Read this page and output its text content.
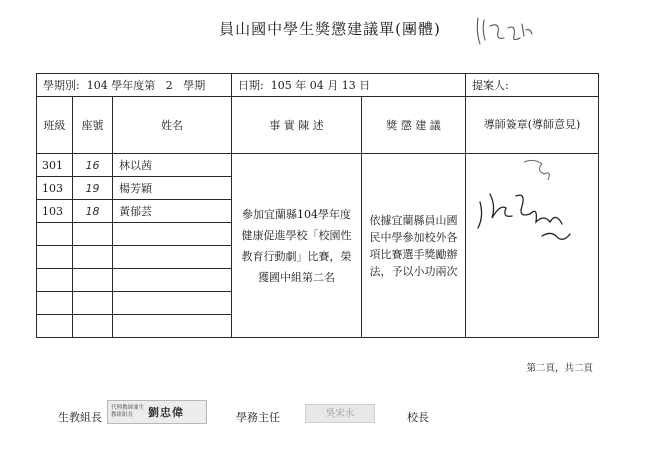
員山國中學生獎懲建議單(團體)
學期別: 104 學年度第 2 學期			日期: 105 年 04 月 13 日		提案人:
班級	座號	姓名	事 實 陳 述	獎 懲 建 議	導師簽章(導師意見)
301	16	林以茜	參加宜蘭縣104學年度健康促進學校「校園性教育行動劇」比賽，榮獲國中組第二名	依據宜蘭縣員山國民中學參加校外各項比賽選手獎勵辦法，予以小功兩次	
103	19	楊芳穎			
103	18	黃郁芸			

第二頁，共二頁
生教組長
代理教師兼生教組組長	劉忠偉	學務主任	吳宋永	校長
